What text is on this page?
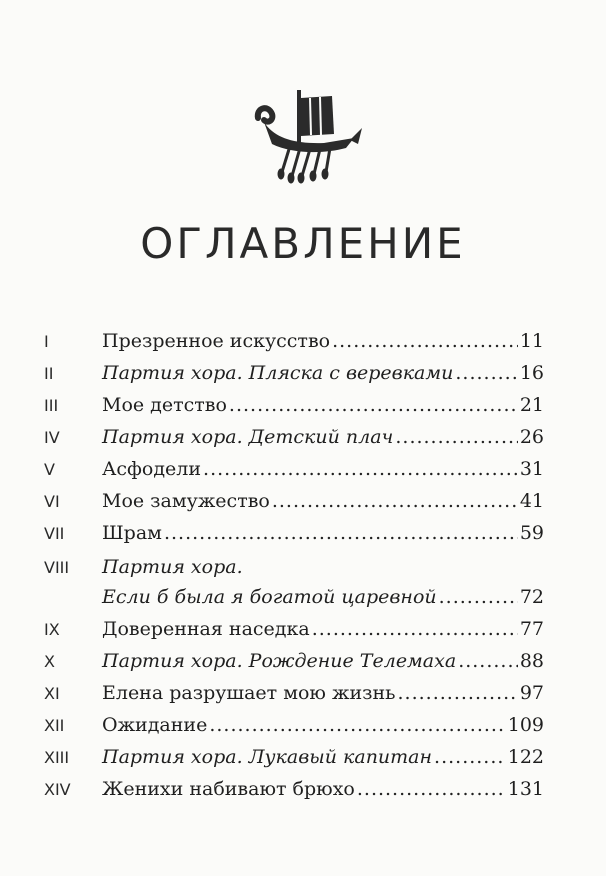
ОГЛАВЛЕНИЕ
I	Презренное искусство .....	11
II	Партия хора. Пляска с веревками .....	16
III	Мое детство .....	21
IV	Партия хора. Детский плач .....	26
V	Асфодели .....	31
VI	Мое замужество .....	41
VII	Шрам .....	59
VIII	Партия хора.
Если б была я богатой царевной .....	72
IX	Доверенная наседка .....	77
X	Партия хора. Рождение Телемаха .....	88
XI	Елена разрушает мою жизнь .....	97
XII	Ожидание .....	109
XIII	Партия хора. Лукавый капитан .....	122
XIV	Женихи набивают брюхо .....	131
